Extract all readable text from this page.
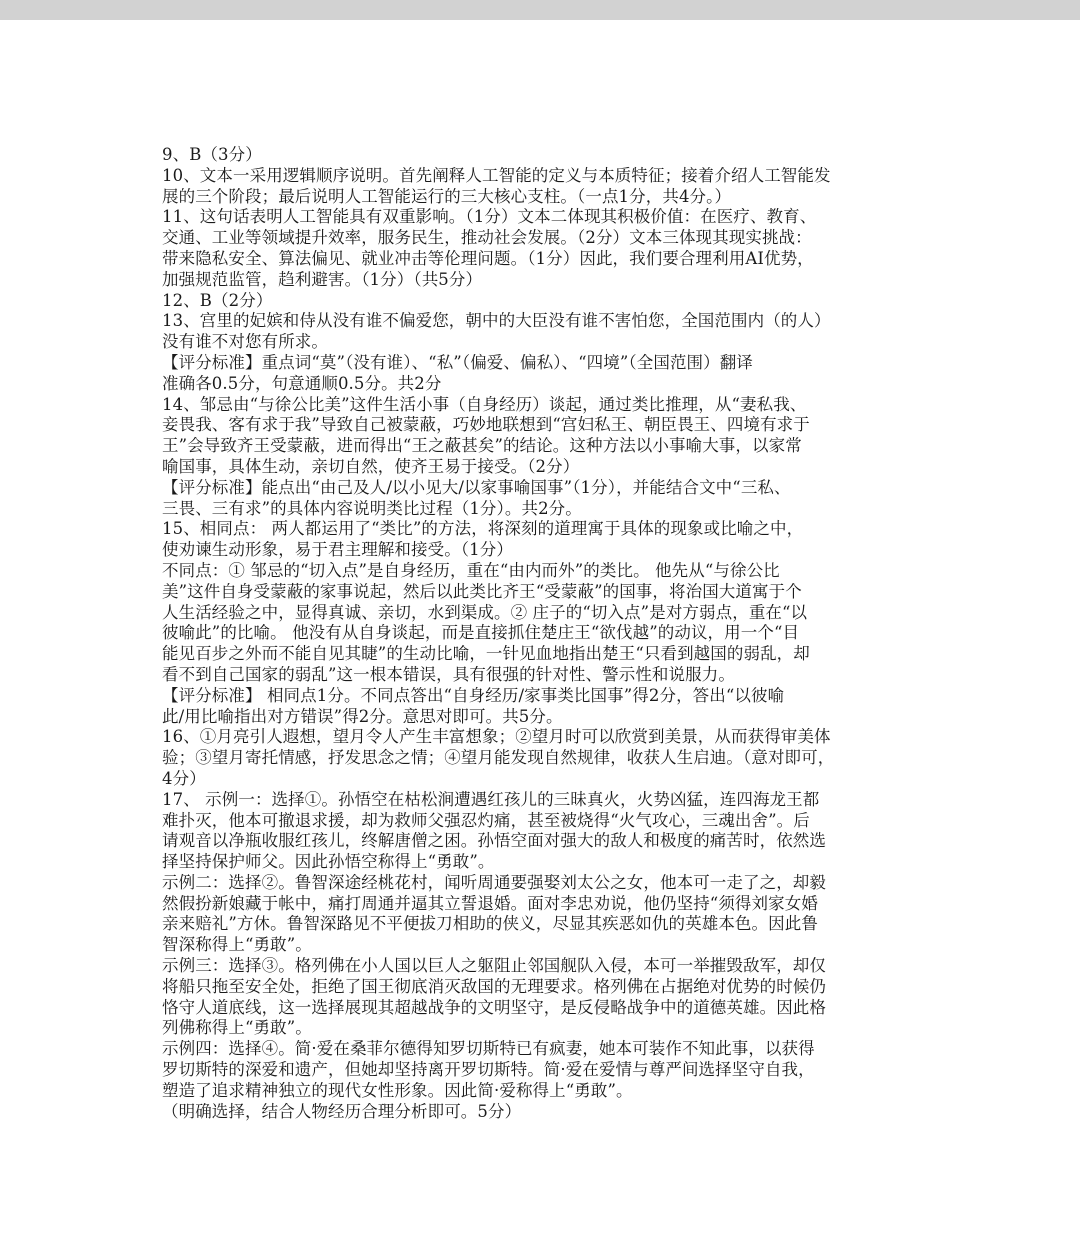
9、B（3分）
10、文本一采用逻辑顺序说明。首先阐释人工智能的定义与本质特征；接着介绍人工智能发
展的三个阶段；最后说明人工智能运行的三大核心支柱。（一点1分，共4分。）
11、这句话表明人工智能具有双重影响。（1分）文本二体现其积极价值：在医疗、教育、
交通、工业等领域提升效率，服务民生，推动社会发展。（2分）文本三体现其现实挑战：
带来隐私安全、算法偏见、就业冲击等伦理问题。（1分）因此，我们要合理利用AI优势，
加强规范监管，趋利避害。（1分）（共5分）
12、B（2分）
13、宫里的妃嫔和侍从没有谁不偏爱您，朝中的大臣没有谁不害怕您，全国范围内（的人）
没有谁不对您有所求。
【评分标准】重点词“莫”（没有谁）、“私”（偏爱、偏私）、“四境”（全国范围）翻译
准确各0.5分，句意通顺0.5分。共2分
14、邹忌由“与徐公比美”这件生活小事（自身经历）谈起，通过类比推理，从“妻私我、
妾畏我、客有求于我”导致自己被蒙蔽，巧妙地联想到“宫妇私王、朝臣畏王、四境有求于
王”会导致齐王受蒙蔽，进而得出“王之蔽甚矣”的结论。这种方法以小事喻大事，以家常
喻国事，具体生动，亲切自然，使齐王易于接受。（2分）
【评分标准】能点出“由己及人/以小见大/以家事喻国事”（1分），并能结合文中“三私、
三畏、三有求”的具体内容说明类比过程（1分）。共2分。
15、相同点： 两人都运用了“类比”的方法，将深刻的道理寓于具体的现象或比喻之中，
使劝谏生动形象，易于君主理解和接受。（1分）
不同点：① 邹忌的“切入点”是自身经历，重在“由内而外”的类比。 他先从“与徐公比
美”这件自身受蒙蔽的家事说起，然后以此类比齐王“受蒙蔽”的国事，将治国大道寓于个
人生活经验之中，显得真诚、亲切，水到渠成。② 庄子的“切入点”是对方弱点，重在“以
彼喻此”的比喻。 他没有从自身谈起，而是直接抓住楚庄王“欲伐越”的动议，用一个“目
能见百步之外而不能自见其睫”的生动比喻，一针见血地指出楚王“只看到越国的弱乱，却
看不到自己国家的弱乱”这一根本错误，具有很强的针对性、警示性和说服力。
【评分标准】 相同点1分。不同点答出“自身经历/家事类比国事”得2分，答出“以彼喻
此/用比喻指出对方错误”得2分。意思对即可。共5分。
16、①月亮引人遐想，望月令人产生丰富想象；②望月时可以欣赏到美景，从而获得审美体
验；③望月寄托情感，抒发思念之情；④望月能发现自然规律，收获人生启迪。（意对即可，
4分）
17、 示例一：选择①。孙悟空在枯松涧遭遇红孩儿的三昧真火，火势凶猛，连四海龙王都
难扑灭，他本可撤退求援，却为救师父强忍灼痛，甚至被烧得“火气攻心，三魂出舍”。后
请观音以净瓶收服红孩儿，终解唐僧之困。孙悟空面对强大的敌人和极度的痛苦时，依然选
择坚持保护师父。因此孙悟空称得上“勇敢”。
示例二：选择②。鲁智深途经桃花村，闻听周通要强娶刘太公之女，他本可一走了之，却毅
然假扮新娘藏于帐中，痛打周通并逼其立誓退婚。面对李忠劝说，他仍坚持“须得刘家女婚
亲来赔礼”方休。鲁智深路见不平便拔刀相助的侠义，尽显其疾恶如仇的英雄本色。因此鲁
智深称得上“勇敢”。
示例三：选择③。格列佛在小人国以巨人之躯阻止邻国舰队入侵，本可一举摧毁敌军，却仅
将船只拖至安全处，拒绝了国王彻底消灭敌国的无理要求。格列佛在占据绝对优势的时候仍
恪守人道底线，这一选择展现其超越战争的文明坚守，是反侵略战争中的道德英雄。因此格
列佛称得上“勇敢”。
示例四：选择④。简·爱在桑菲尔德得知罗切斯特已有疯妻，她本可装作不知此事，以获得
罗切斯特的深爱和遗产，但她却坚持离开罗切斯特。简·爱在爱情与尊严间选择坚守自我，
塑造了追求精神独立的现代女性形象。因此简·爱称得上“勇敢”。
（明确选择，结合人物经历合理分析即可。5分）
